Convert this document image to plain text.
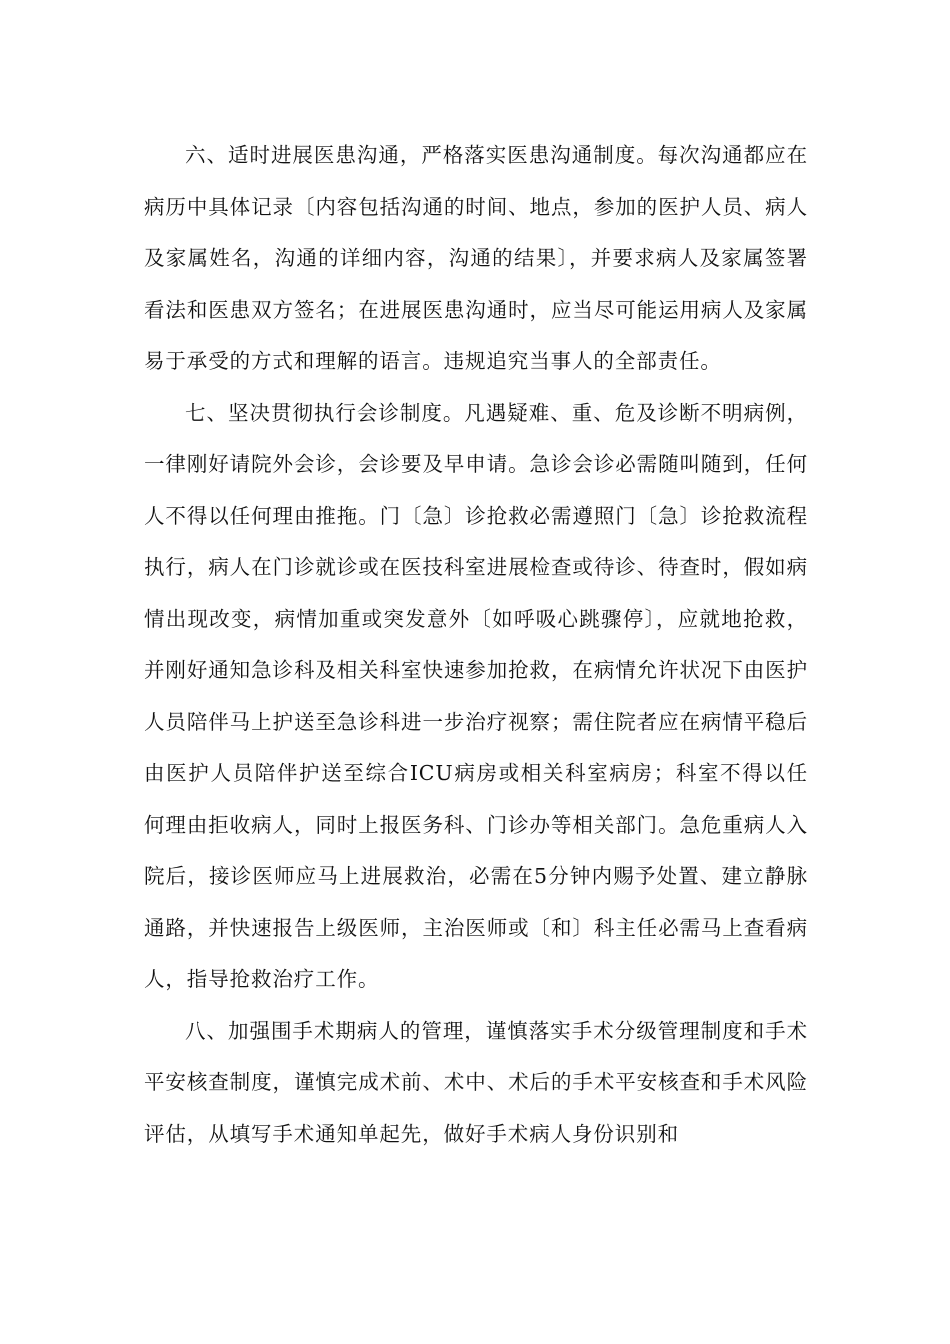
六、适时进展医患沟通，严格落实医患沟通制度。每次沟通都应在病历中具体记录〔内容包括沟通的时间、地点，参加的医护人员、病人及家属姓名，沟通的详细内容，沟通的结果〕，并要求病人及家属签署看法和医患双方签名；在进展医患沟通时，应当尽可能运用病人及家属易于承受的方式和理解的语言。违规追究当事人的全部责任。

七、坚决贯彻执行会诊制度。凡遇疑难、重、危及诊断不明病例，一律刚好请院外会诊，会诊要及早申请。急诊会诊必需随叫随到，任何人不得以任何理由推拖。门〔急〕诊抢救必需遵照门〔急〕诊抢救流程执行，病人在门诊就诊或在医技科室进展检查或待诊、待查时，假如病情出现改变，病情加重或突发意外〔如呼吸心跳骤停〕，应就地抢救，并刚好通知急诊科及相关科室快速参加抢救，在病情允许状况下由医护人员陪伴马上护送至急诊科进一步治疗视察；需住院者应在病情平稳后由医护人员陪伴护送至综合ICU病房或相关科室病房；科室不得以任何理由拒收病人，同时上报医务科、门诊办等相关部门。急危重病人入院后，接诊医师应马上进展救治，必需在5分钟内赐予处置、建立静脉通路，并快速报告上级医师，主治医师或〔和〕科主任必需马上查看病人，指导抢救治疗工作。

八、加强围手术期病人的管理，谨慎落实手术分级管理制度和手术平安核查制度，谨慎完成术前、术中、术后的手术平安核查和手术风险评估，从填写手术通知单起先，做好手术病人身份识别和
